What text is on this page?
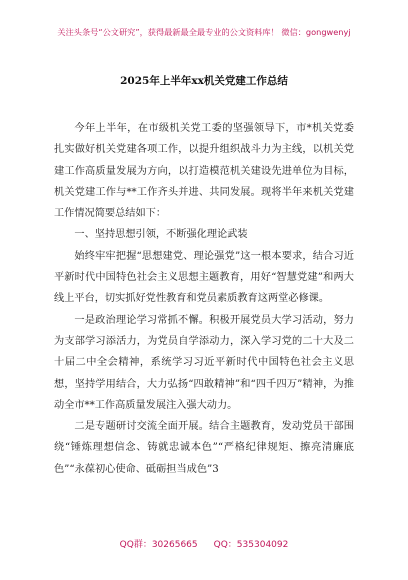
关注头条号“公文研究”，获得最新最全最专业的公文资料库！ 微信：gongwenyj
2025年上半年xx机关党建工作总结

今年上半年，在市级机关党工委的坚强领导下，市*机关党委扎实做好机关党建各项工作，以提升组织战斗力为主线，以机关党建工作高质量发展为方向，以打造模范机关建设先进单位为目标，机关党建工作与**工作齐头并进、共同发展。现将半年来机关党建工作情况简要总结如下：

一、坚持思想引领，不断强化理论武装

始终牢牢把握“思想建党、理论强党”这一根本要求，结合习近平新时代中国特色社会主义思想主题教育，用好“智慧党建”和两大线上平台，切实抓好党性教育和党员素质教育这两堂必修课。

一是政治理论学习常抓不懈。积极开展党员大学习活动，努力为支部学习添活力，为党员自学添动力，深入学习党的二十大及二十届二中全会精神，系统学习习近平新时代中国特色社会主义思想，坚持学用结合，大力弘扬“四敢精神”和“四千四万”精神，为推动全市**工作高质量发展注入强大动力。

二是专题研讨交流全面开展。结合主题教育，发动党员干部围绕“锤炼理想信念、铸就忠诚本色”“严格纪律规矩、擦亮清廉底色”“永葆初心使命、砥砺担当成色”3

QQ群：30265665 QQ：535304092
